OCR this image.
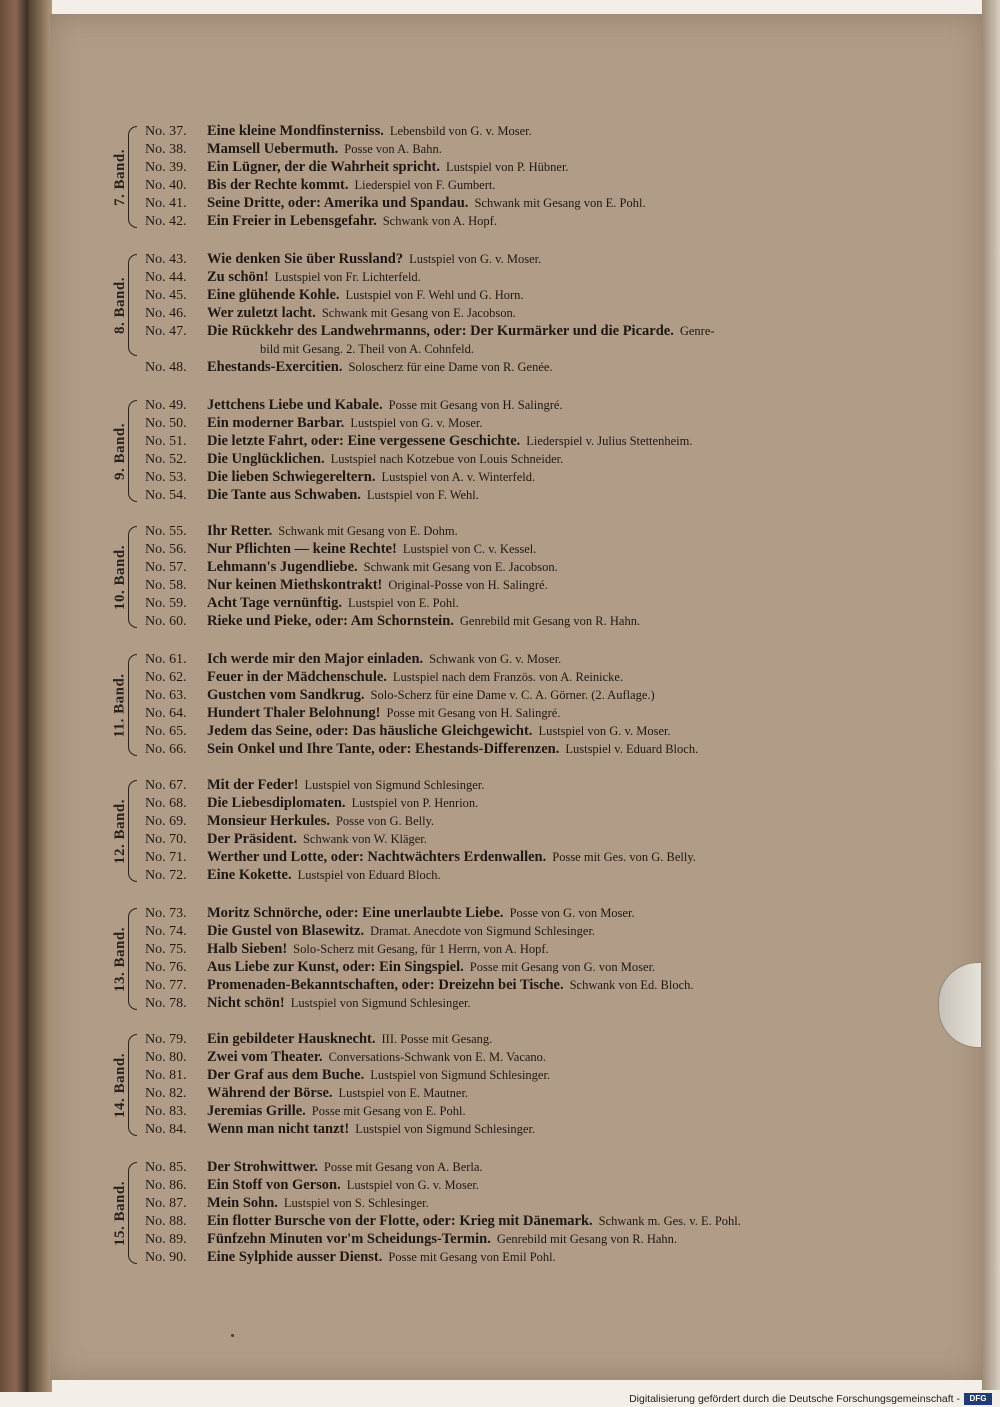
7. Band.
No. 37. Eine kleine Mondfinsterniss. Lebensbild von G. v. Moser.
No. 38. Mamsell Uebermuth. Posse von A. Bahn.
No. 39. Ein Lügner, der die Wahrheit spricht. Lustspiel von P. Hübner.
No. 40. Bis der Rechte kommt. Liederspiel von F. Gumbert.
No. 41. Seine Dritte, oder: Amerika und Spandau. Schwank mit Gesang von E. Pohl.
No. 42. Ein Freier in Lebensgefahr. Schwank von A. Hopf.
8. Band.
No. 43. Wie denken Sie über Russland? Lustspiel von G. v. Moser.
No. 44. Zu schön! Lustspiel von Fr. Lichterfeld.
No. 45. Eine glühende Kohle. Lustspiel von F. Wehl und G. Horn.
No. 46. Wer zuletzt lacht. Schwank mit Gesang von E. Jacobson.
No. 47. Die Rückkehr des Landwehrmanns, oder: Der Kurmärker und die Picarde. Genre-
bild mit Gesang. 2. Theil von A. Cohnfeld.
No. 48. Ehestands-Exercitien. Soloscherz für eine Dame von R. Genée.
9. Band.
No. 49. Jettchens Liebe und Kabale. Posse mit Gesang von H. Salingré.
No. 50. Ein moderner Barbar. Lustspiel von G. v. Moser.
No. 51. Die letzte Fahrt, oder: Eine vergessene Geschichte. Liederspiel v. Julius Stettenheim.
No. 52. Die Unglücklichen. Lustspiel nach Kotzebue von Louis Schneider.
No. 53. Die lieben Schwiegereltern. Lustspiel von A. v. Winterfeld.
No. 54. Die Tante aus Schwaben. Lustspiel von F. Wehl.
10. Band.
No. 55. Ihr Retter. Schwank mit Gesang von E. Dohm.
No. 56. Nur Pflichten — keine Rechte! Lustspiel von C. v. Kessel.
No. 57. Lehmann's Jugendliebe. Schwank mit Gesang von E. Jacobson.
No. 58. Nur keinen Miethskontrakt! Original-Posse von H. Salingré.
No. 59. Acht Tage vernünftig. Lustspiel von E. Pohl.
No. 60. Rieke und Pieke, oder: Am Schornstein. Genrebild mit Gesang von R. Hahn.
11. Band.
No. 61. Ich werde mir den Major einladen. Schwank von G. v. Moser.
No. 62. Feuer in der Mädchenschule. Lustspiel nach dem Französ. von A. Reinicke.
No. 63. Gustchen vom Sandkrug. Solo-Scherz für eine Dame v. C. A. Görner. (2. Auflage.)
No. 64. Hundert Thaler Belohnung! Posse mit Gesang von H. Salingré.
No. 65. Jedem das Seine, oder: Das häusliche Gleichgewicht. Lustspiel von G. v. Moser.
No. 66. Sein Onkel und Ihre Tante, oder: Ehestands-Differenzen. Lustspiel v. Eduard Bloch.
12. Band.
No. 67. Mit der Feder! Lustspiel von Sigmund Schlesinger.
No. 68. Die Liebesdiplomaten. Lustspiel von P. Henrion.
No. 69. Monsieur Herkules. Posse von G. Belly.
No. 70. Der Präsident. Schwank von W. Kläger.
No. 71. Werther und Lotte, oder: Nachtwächters Erdenwallen. Posse mit Ges. von G. Belly.
No. 72. Eine Kokette. Lustspiel von Eduard Bloch.
13. Band.
No. 73. Moritz Schnörche, oder: Eine unerlaubte Liebe. Posse von G. von Moser.
No. 74. Die Gustel von Blasewitz. Dramat. Anecdote von Sigmund Schlesinger.
No. 75. Halb Sieben! Solo-Scherz mit Gesang, für 1 Herrn, von A. Hopf.
No. 76. Aus Liebe zur Kunst, oder: Ein Singspiel. Posse mit Gesang von G. von Moser.
No. 77. Promenaden-Bekanntschaften, oder: Dreizehn bei Tische. Schwank von Ed. Bloch.
No. 78. Nicht schön! Lustspiel von Sigmund Schlesinger.
14. Band.
No. 79. Ein gebildeter Hausknecht. III. Posse mit Gesang.
No. 80. Zwei vom Theater. Conversations-Schwank von E. M. Vacano.
No. 81. Der Graf aus dem Buche. Lustspiel von Sigmund Schlesinger.
No. 82. Während der Börse. Lustspiel von E. Mautner.
No. 83. Jeremias Grille. Posse mit Gesang von E. Pohl.
No. 84. Wenn man nicht tanzt! Lustspiel von Sigmund Schlesinger.
15. Band.
No. 85. Der Strohwittwer. Posse mit Gesang von A. Berla.
No. 86. Ein Stoff von Gerson. Lustspiel von G. v. Moser.
No. 87. Mein Sohn. Lustspiel von S. Schlesinger.
No. 88. Ein flotter Bursche von der Flotte, oder: Krieg mit Dänemark. Schwank m. Ges. v. E. Pohl.
No. 89. Fünfzehn Minuten vor'm Scheidungs-Termin. Genrebild mit Gesang von R. Hahn.
No. 90. Eine Sylphide ausser Dienst. Posse mit Gesang von Emil Pohl.
Digitalisierung gefördert durch die Deutsche Forschungsgemeinschaft -	DFG
